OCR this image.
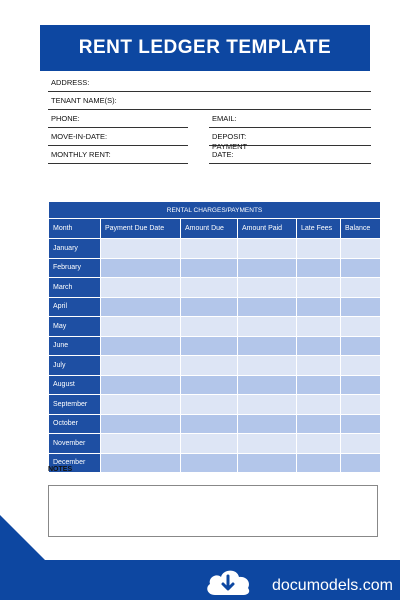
RENT LEDGER TEMPLATE
ADDRESS:
TENANT NAME(S):
PHONE:	EMAIL:
MOVE-IN-DATE:	DEPOSIT:
MONTHLY RENT:
PAYMENT
DATE:
RENTAL CHARGES/PAYMENTS					
Month	Payment Due Date	Amount Due	Amount Paid	Late Fees	Balance
January					
February					
March					
April					
May					
June					
July					
August					
September					
October					
November					
December					
NOTES
documodels.com
